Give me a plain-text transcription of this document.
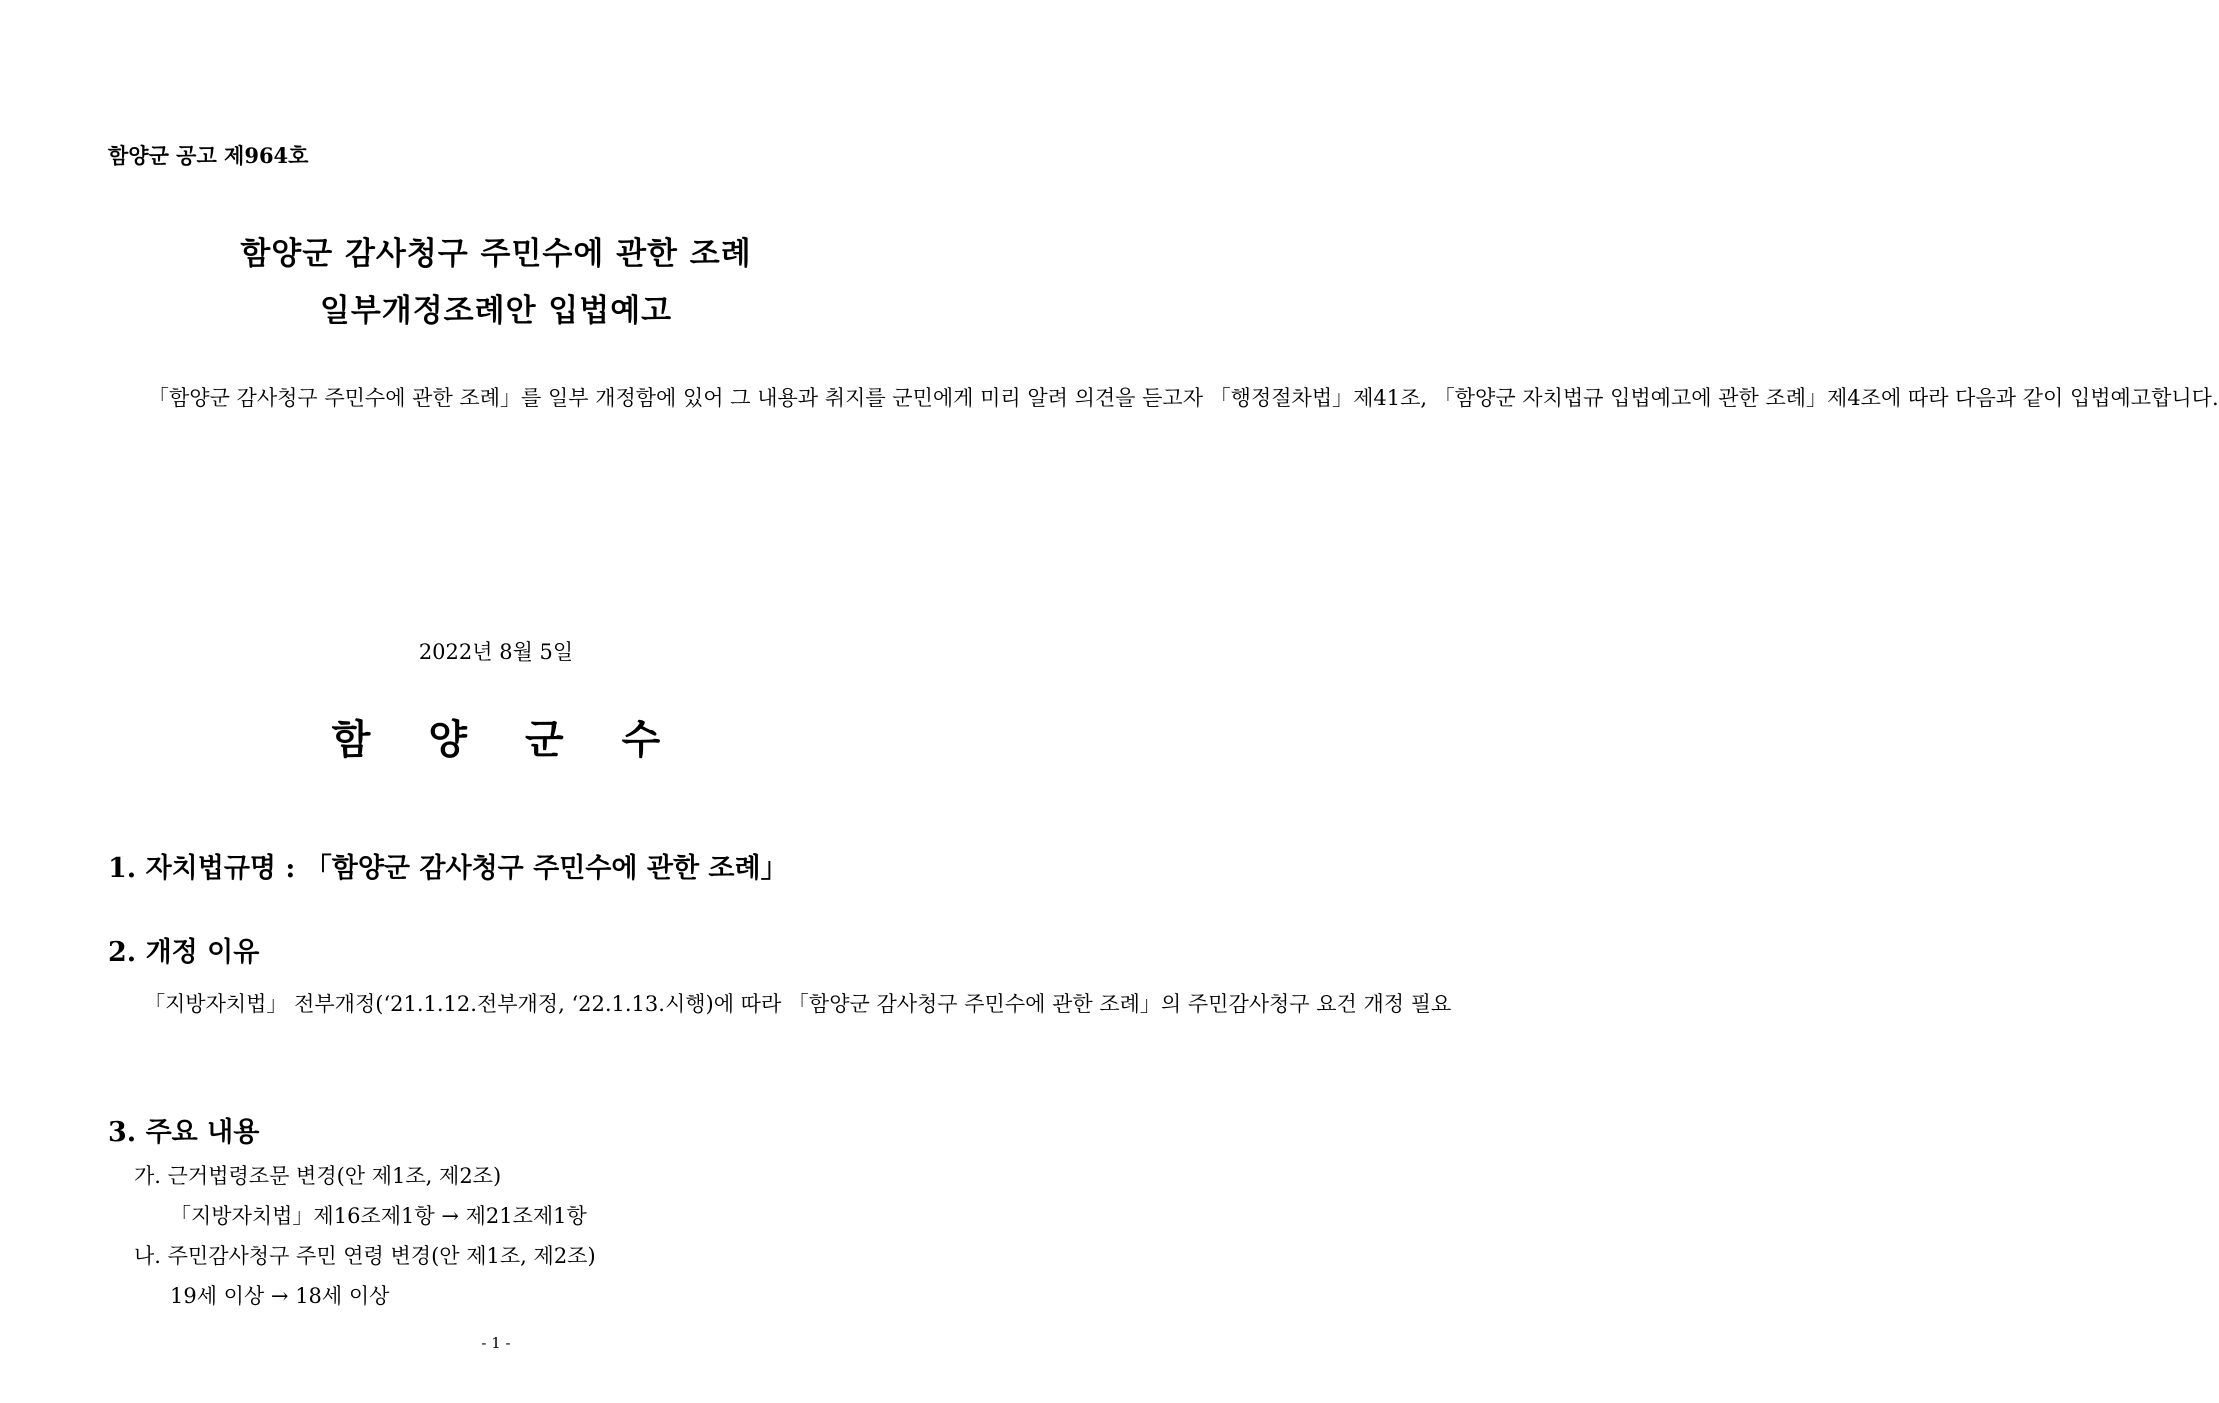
함양군 공고 제964호
함양군 감사청구 주민수에 관한 조례
일부개정조례안 입법예고

「함양군 감사청구 주민수에 관한 조례」를 일부 개정함에 있어 그 내용과 취지를 군민에게 미리 알려 의견을 듣고자 「행정절차법」제41조, 「함양군 자치법규 입법예고에 관한 조례」제4조에 따라 다음과 같이 입법예고합니다.

2022년 8월 5일
함양군수
1. 자치법규명 : 「함양군 감사청구 주민수에 관한 조례」
2. 개정 이유

「지방자치법」 전부개정(‘21.1.12.전부개정, ‘22.1.13.시행)에 따라 「함양군 감사청구 주민수에 관한 조례」의 주민감사청구 요건 개정 필요

3. 주요 내용
가. 근거법령조문 변경(안 제1조, 제2조)
「지방자치법」제16조제1항 → 제21조제1항
나. 주민감사청구 주민 연령 변경(안 제1조, 제2조)
19세 이상 → 18세 이상
- 1 -
